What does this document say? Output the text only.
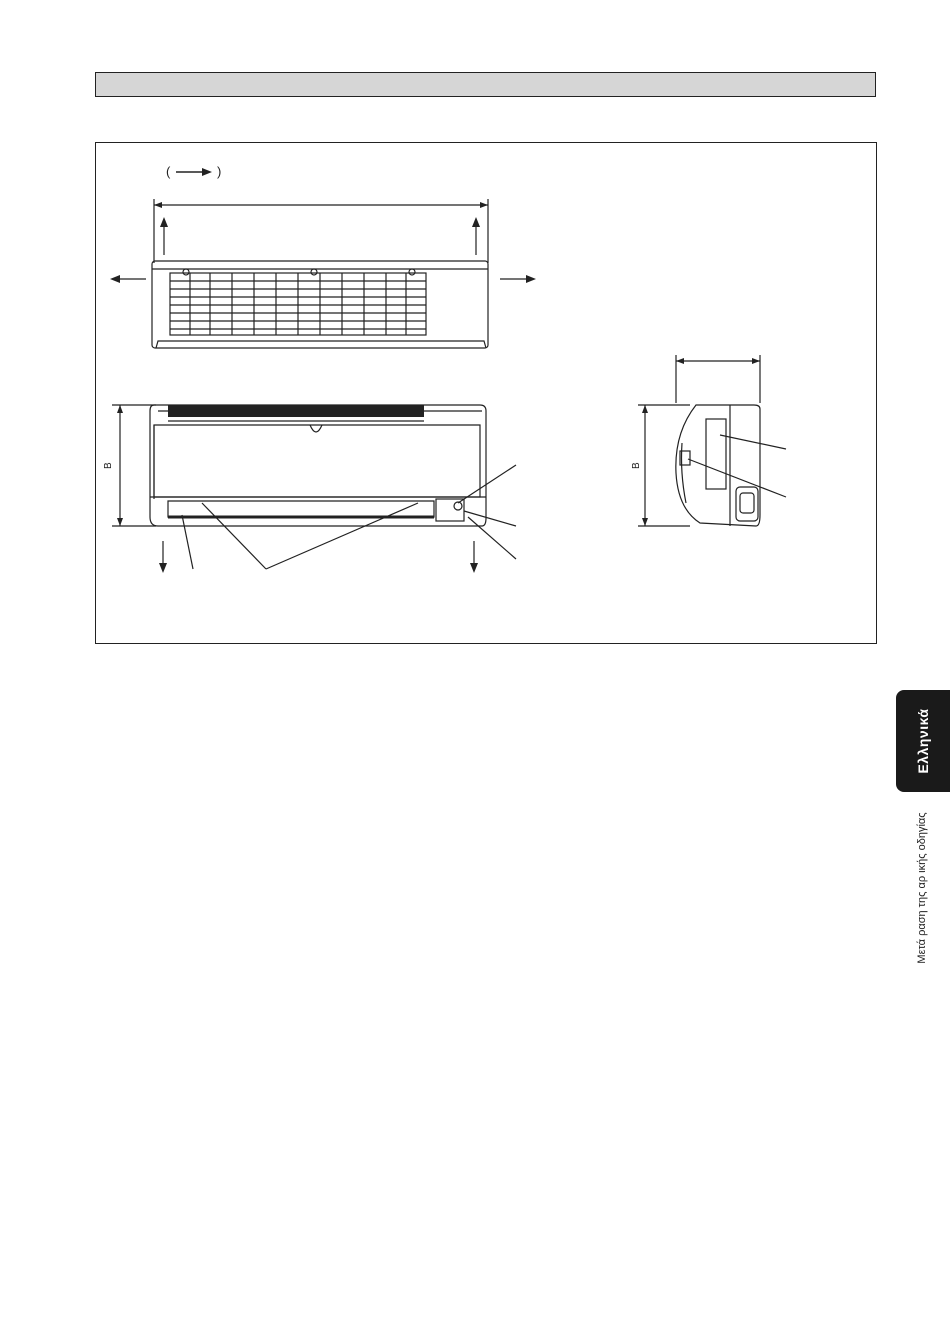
(	)
B	B
Ελληνικά
Μετά ραση της αρ ικής οδηγίας
